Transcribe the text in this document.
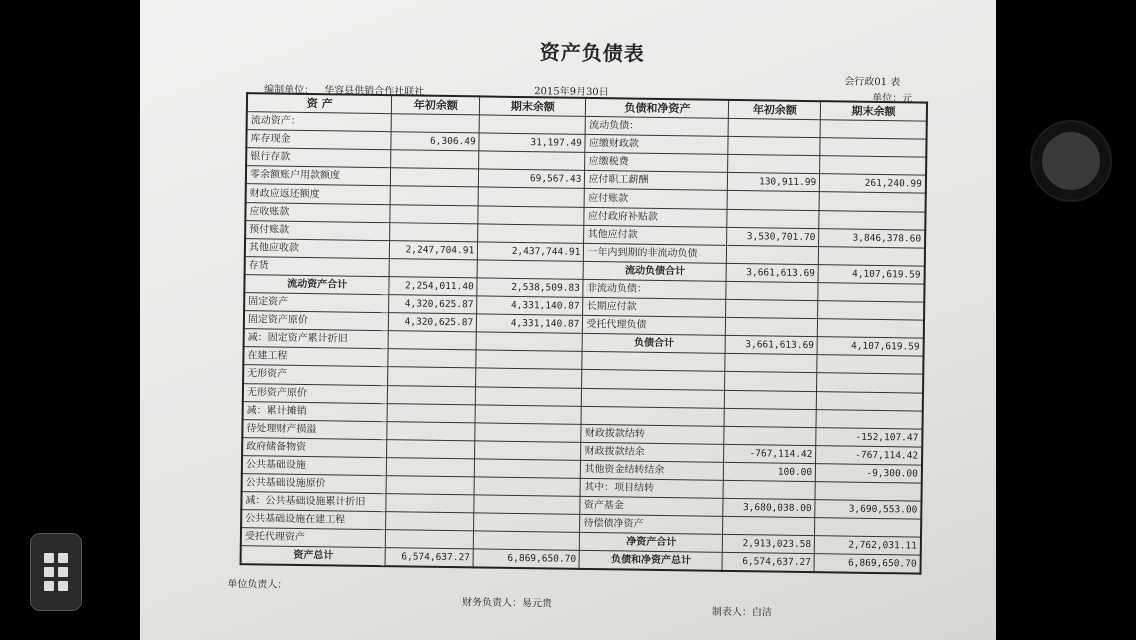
资产负债表
会行政01 表
编制单位： 华容县供销合作社联社	2015年9月30日
单位：元
资 产	年初余额	期末余额	负债和净资产	年初余额	期末余额
流动资产：			流动负债：		
库存现金	6,306.49	31,197.49	应缴财政款		
银行存款			应缴税费		
零余额账户用款额度		69,567.43	应付职工薪酬	130,911.99	261,240.99
财政应返还额度			应付账款		
应收账款			应付政府补贴款		
预付账款			其他应付款	3,530,701.70	3,846,378.60
其他应收款	2,247,704.91	2,437,744.91	一年内到期的非流动负债		
存货			流动负债合计	3,661,613.69	4,107,619.59
流动资产合计	2,254,011.40	2,538,509.83	非流动负债：		
固定资产	4,320,625.87	4,331,140.87	长期应付款		
固定资产原价	4,320,625.87	4,331,140.87	受托代理负债		
减：固定资产累计折旧			负债合计	3,661,613.69	4,107,619.59
在建工程					
无形资产					
无形资产原价					
减：累计摊销					
待处理财产损溢			财政拨款结转		-152,107.47
政府储备物资			财政拨款结余	-767,114.42	-767,114.42
公共基础设施			其他资金结转结余	100.00	-9,300.00
公共基础设施原价			其中：项目结转		
减：公共基础设施累计折旧			资产基金	3,680,038.00	3,690,553.00
公共基础设施在建工程			待偿债净资产		
受托代理资产			净资产合计	2,913,023.58	2,762,031.11
资产总计	6,574,637.27	6,869,650.70	负债和净资产总计	6,574,637.27	6,869,650.70
单位负责人：
财务负责人：易元贵
制表人：白洁
